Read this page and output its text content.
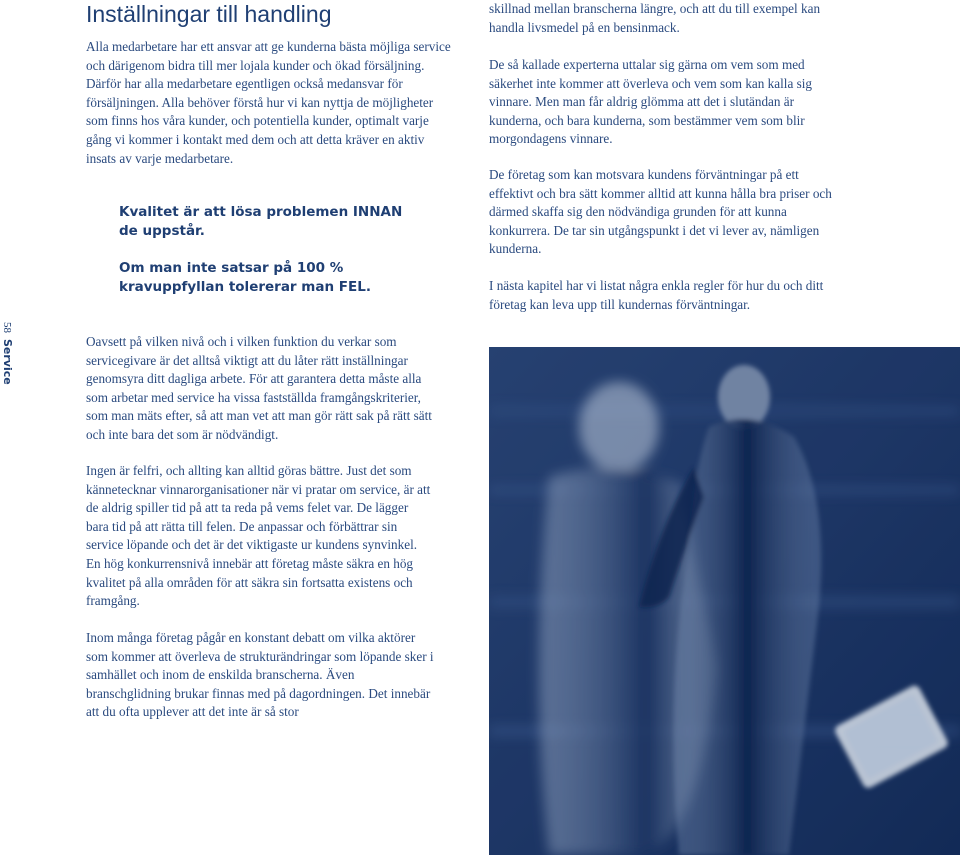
Inställningar till handling

Alla medarbetare har ett ansvar att ge kunderna bästa möjliga service och därigenom bidra till mer lojala kunder och ökad försäljning. Därför har alla medarbetare egentligen också medansvar för försäljningen. Alla behöver förstå hur vi kan nyttja de möjligheter som finns hos våra kunder, och potentiella kunder, optimalt varje gång vi kommer i kontakt med dem och att detta kräver en aktiv insats av varje medarbetare.

Kvalitet är att lösa problemen INNAN de uppstår.

Om man inte satsar på 100 % kravuppfyllan tolererar man FEL.

58Service	Oavsett på vilken nivå och i vilken funktion du verkar som servicegivare är det alltså viktigt att du låter rätt inställningar genomsyra ditt dagliga arbete. För att garantera detta måste alla som arbetar med service ha vissa fastställda framgångskriterier, som man mäts efter, så att man vet att man gör rätt sak på rätt sätt och inte bara det som är nödvändigt.

Ingen är felfri, och allting kan alltid göras bättre. Just det som kännetecknar vinnarorganisationer när vi pratar om service, är att de aldrig spiller tid på att ta reda på vems felet var. De lägger bara tid på att rätta till felen. De anpassar och förbättrar sin service löpande och det är det viktigaste ur kundens synvinkel. En hög konkurrensnivå innebär att företag måste säkra en hög kvalitet på alla områden för att säkra sin fortsatta existens och framgång.

Inom många företag pågår en konstant debatt om vilka aktörer som kommer att överleva de strukturändringar som löpande sker i samhället och inom de enskilda branscherna. Även branschglidning brukar finnas med på dagordningen. Det innebär att du ofta upplever att det inte är så stor

skillnad mellan branscherna längre, och att du till exempel kan handla livsmedel på en bensinmack.

De så kallade experterna uttalar sig gärna om vem som med säkerhet inte kommer att överleva och vem som kan kalla sig vinnare. Men man får aldrig glömma att det i slutändan är kunderna, och bara kunderna, som bestämmer vem som blir morgondagens vinnare.

De företag som kan motsvara kundens förväntningar på ett effektivt och bra sätt kommer alltid att kunna hålla bra priser och därmed skaffa sig den nödvändiga grunden för att kunna konkurrera. De tar sin utgångspunkt i det vi lever av, nämligen kunderna.

I nästa kapitel har vi listat några enkla regler för hur du och ditt företag kan leva upp till kundernas förväntningar.
